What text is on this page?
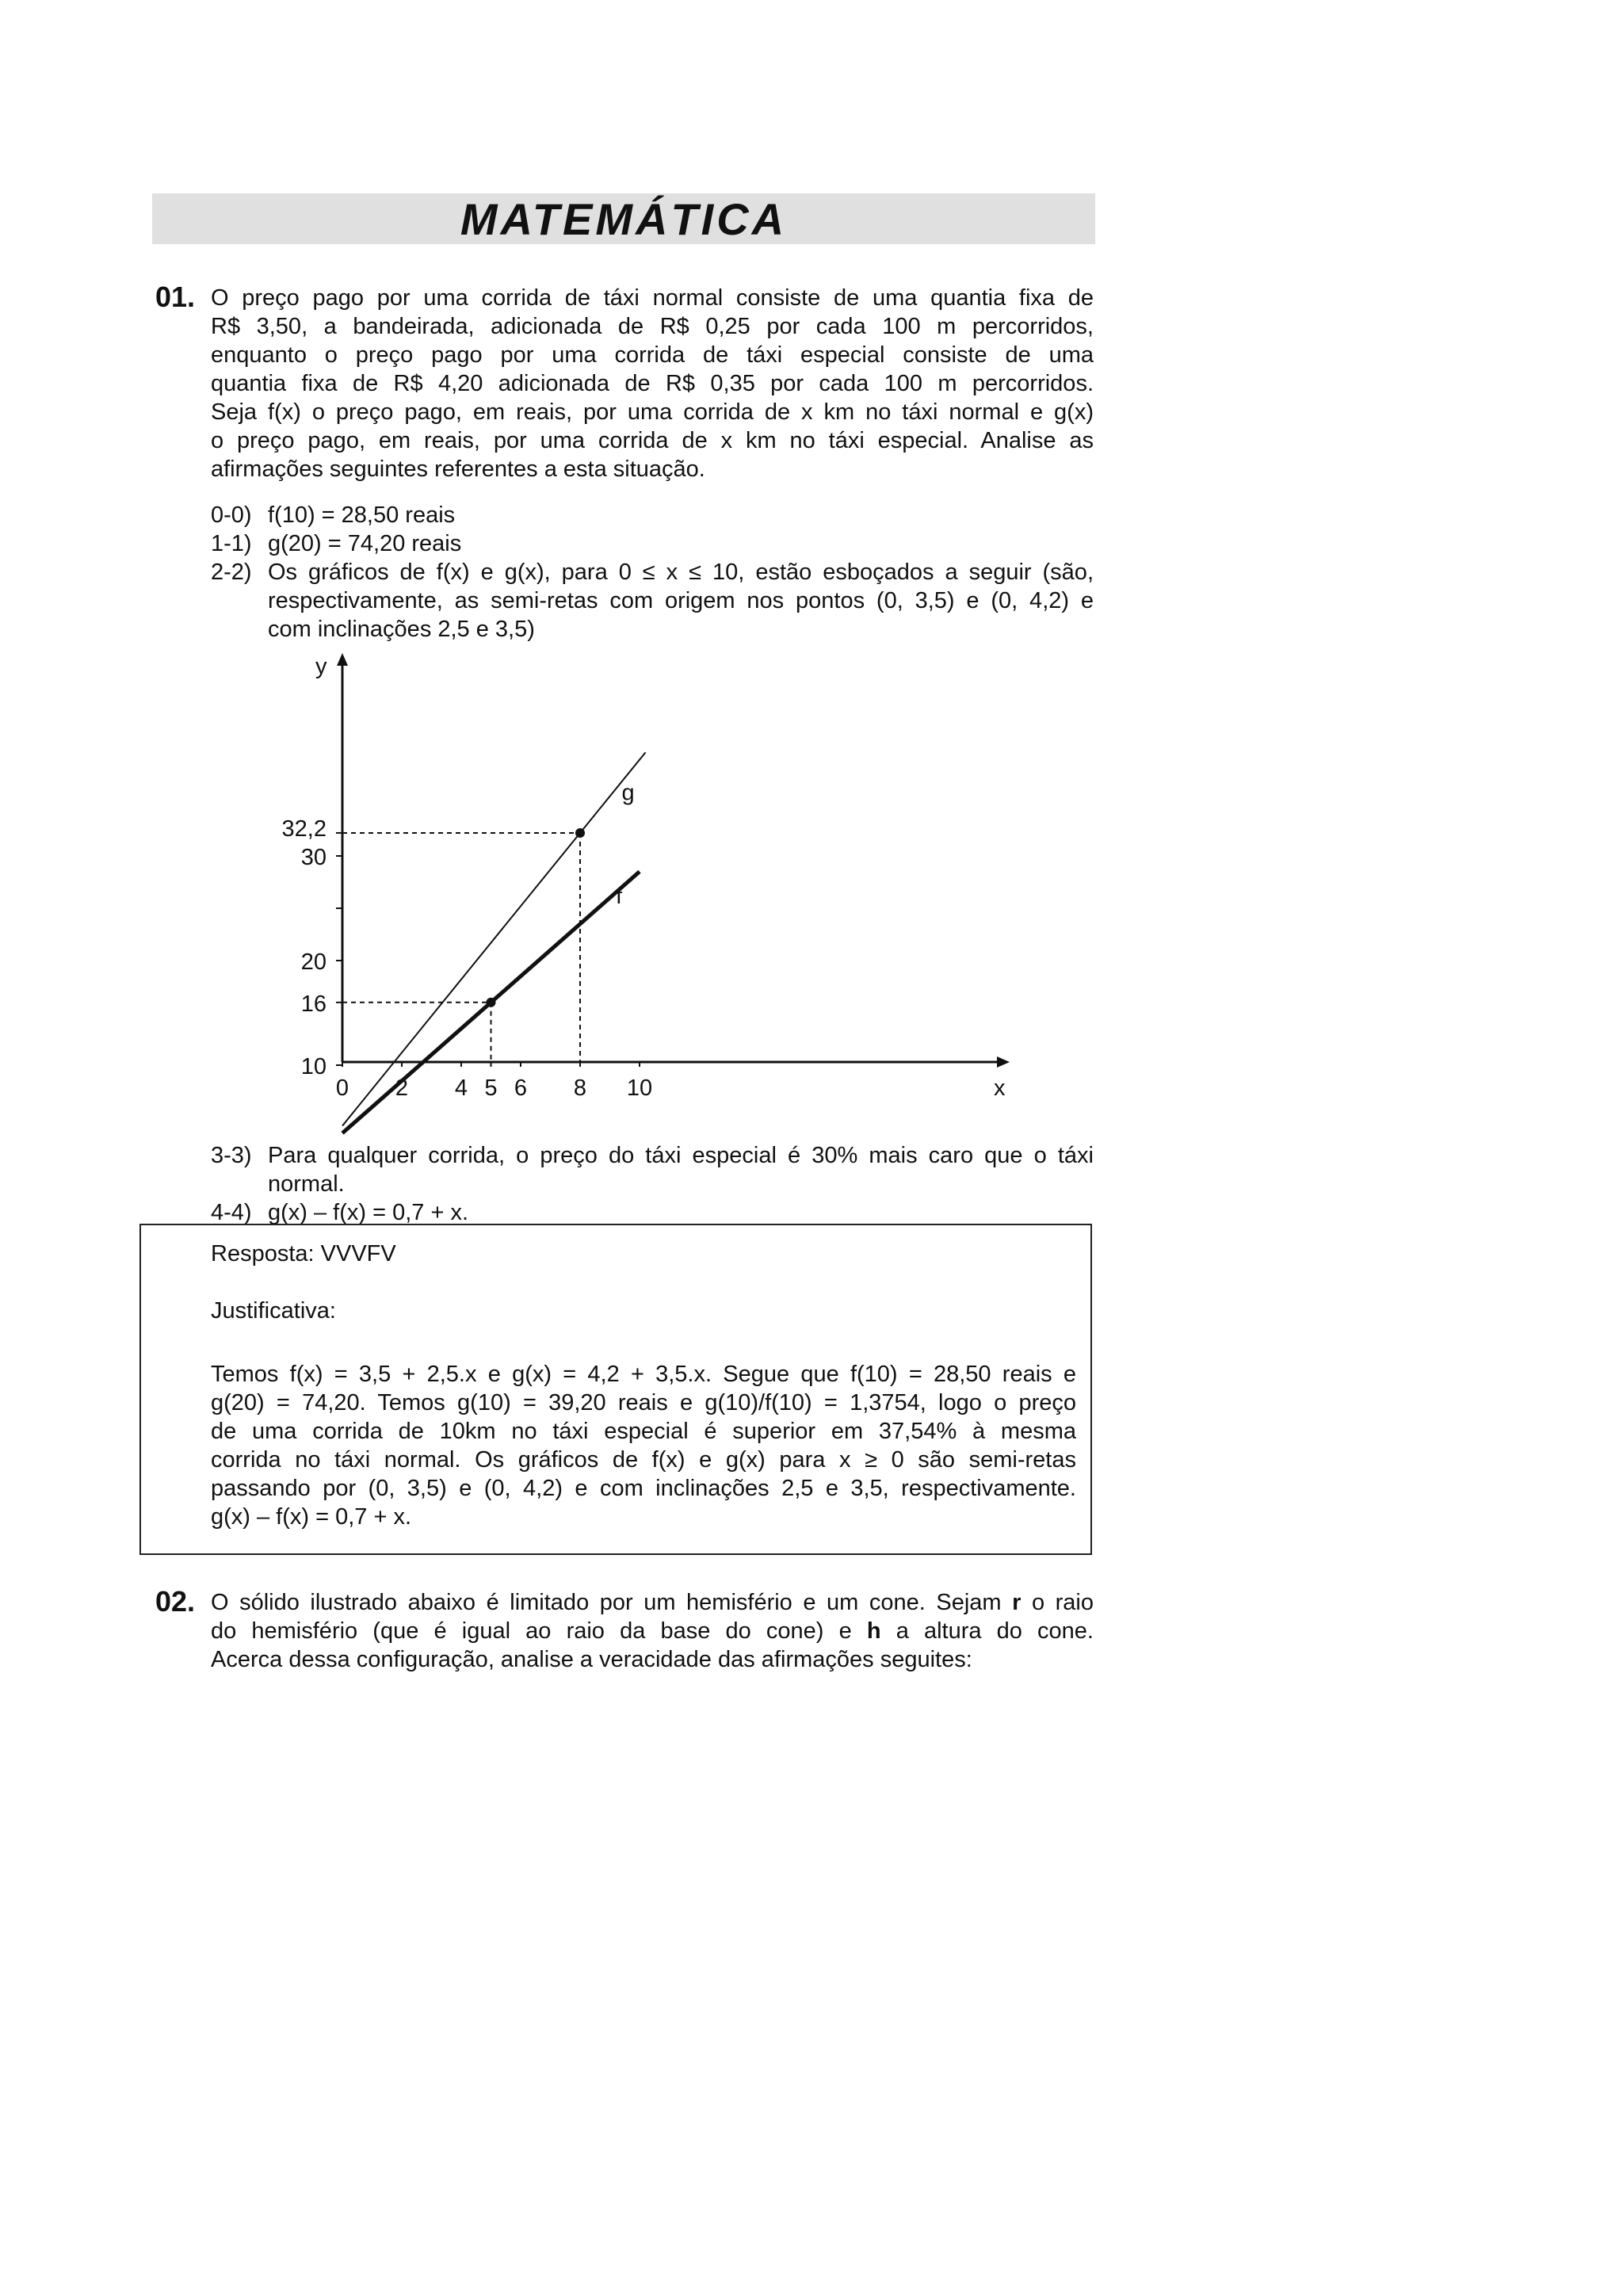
MATEMÁTICA
01. O preço pago por uma corrida de táxi normal consiste de uma quantia fixa de
R$ 3,50, a bandeirada, adicionada de R$ 0,25 por cada 100 m percorridos,
enquanto o preço pago por uma corrida de táxi especial consiste de uma
quantia fixa de R$ 4,20 adicionada de R$ 0,35 por cada 100 m percorridos.
Seja f(x) o preço pago, em reais, por uma corrida de x km no táxi normal e g(x)
o preço pago, em reais, por uma corrida de x km no táxi especial. Analise as
afirmações seguintes referentes a esta situação.
0-0) f(10) = 28,50 reais
1-1) g(20) = 74,20 reais
2-2) Os gráficos de f(x) e g(x), para 0 ≤ x ≤ 10, estão esboçados a seguir (são,
respectivamente, as semi-retas com origem nos pontos (0, 3,5) e (0, 4,2) e
com inclinações 2,5 e 3,5)
x
y
0 2 4 5 6 8 10
10
16
20
30
32,2
g
f
3-3) Para qualquer corrida, o preço do táxi especial é 30% mais caro que o táxi
normal.
4-4) g(x) – f(x) = 0,7 + x.
Resposta: VVVFV
Justificativa:
Temos f(x) = 3,5 + 2,5.x e g(x) = 4,2 + 3,5.x. Segue que f(10) = 28,50 reais e
g(20) = 74,20. Temos g(10) = 39,20 reais e g(10)/f(10) = 1,3754, logo o preço
de uma corrida de 10km no táxi especial é superior em 37,54% à mesma
corrida no táxi normal. Os gráficos de f(x) e g(x) para x ≥ 0 são semi-retas
passando por (0, 3,5) e (0, 4,2) e com inclinações 2,5 e 3,5, respectivamente.
g(x) – f(x) = 0,7 + x.
02. O sólido ilustrado abaixo é limitado por um hemisfério e um cone. Sejam r o raio
do hemisfério (que é igual ao raio da base do cone) e h a altura do cone.
Acerca dessa configuração, analise a veracidade das afirmações seguites:
